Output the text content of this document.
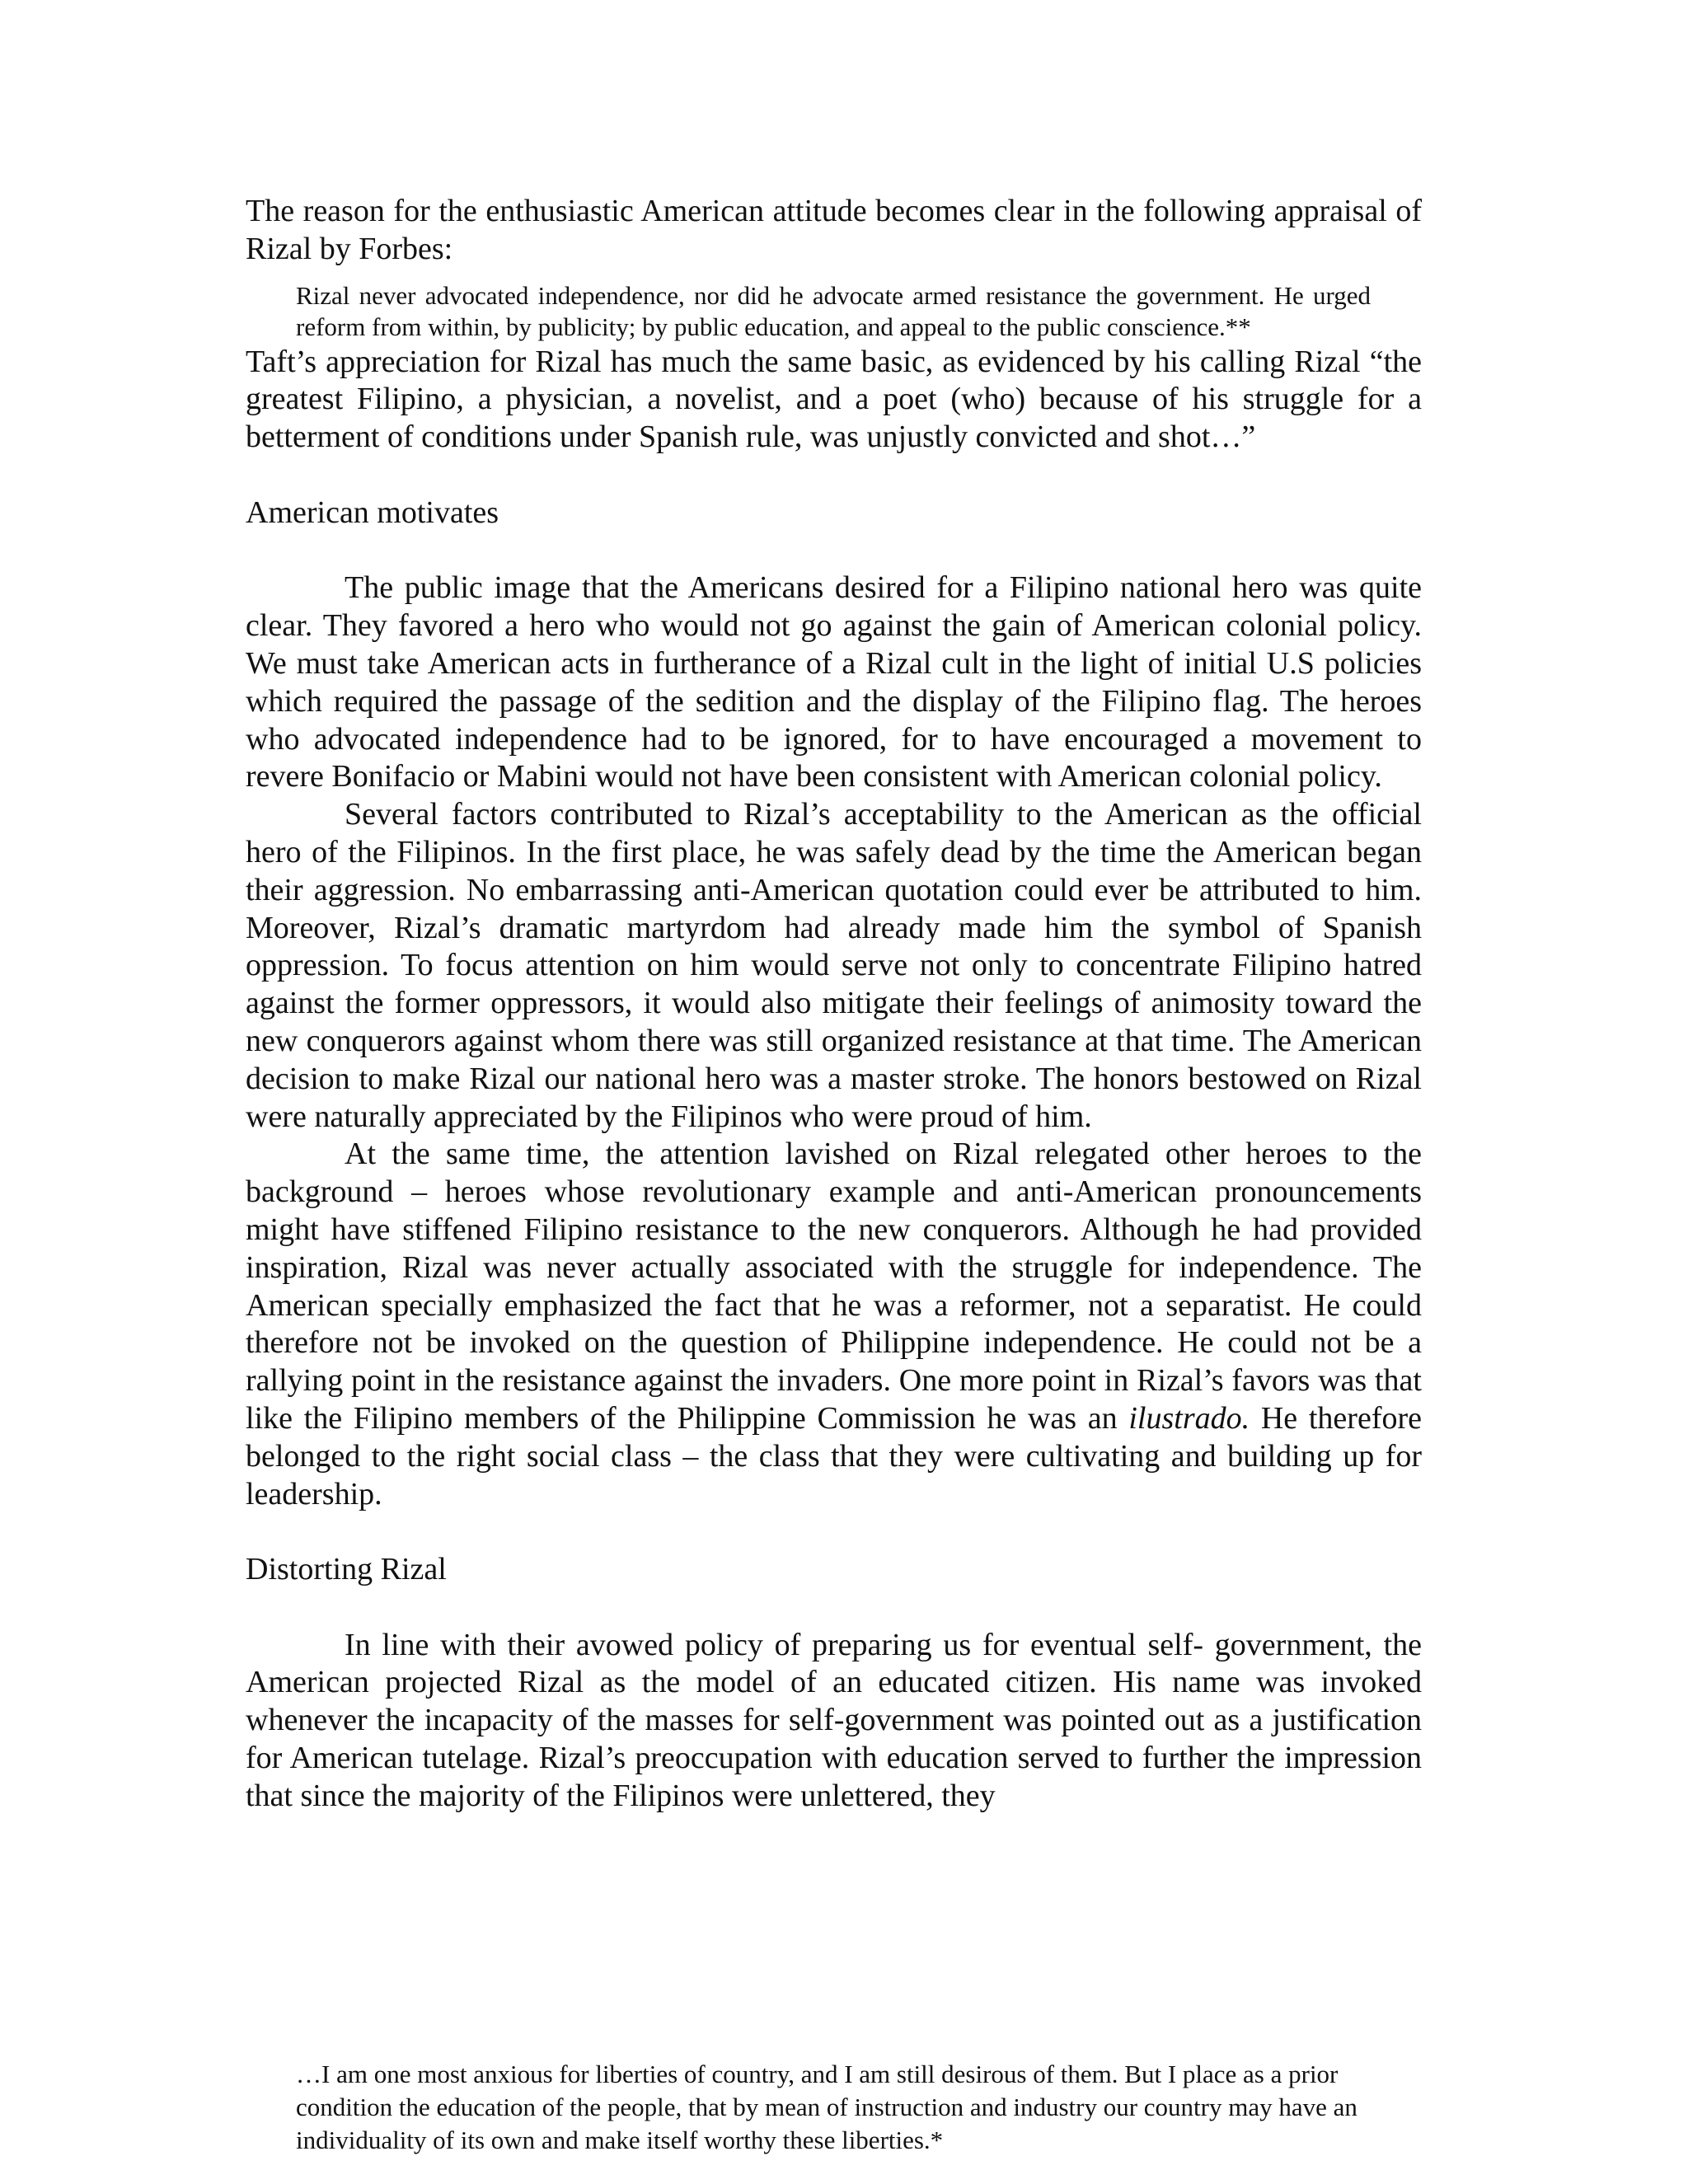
The reason for the enthusiastic American attitude becomes clear in the following appraisal of Rizal by Forbes:

Rizal never advocated independence, nor did he advocate armed resistance the government. He urged reform from within, by publicity; by public education, and appeal to the public conscience.**

Taft’s appreciation for Rizal has much the same basic, as evidenced by his calling Rizal “the greatest Filipino, a physician, a novelist, and a poet (who) because of his struggle for a betterment of conditions under Spanish rule, was unjustly convicted and shot…”

American motivates

The public image that the Americans desired for a Filipino national hero was quite clear. They favored a hero who would not go against the gain of American colonial policy. We must take American acts in furtherance of a Rizal cult in the light of initial U.S policies which required the passage of the sedition and the display of the Filipino flag. The heroes who advocated independence had to be ignored, for to have encouraged a movement to revere Bonifacio or Mabini would not have been consistent with American colonial policy.

Several factors contributed to Rizal’s acceptability to the American as the official hero of the Filipinos. In the first place, he was safely dead by the time the American began their aggression. No embarrassing anti-American quotation could ever be attributed to him. Moreover, Rizal’s dramatic martyrdom had already made him the symbol of Spanish oppression. To focus attention on him would serve not only to concentrate Filipino hatred against the former oppressors, it would also mitigate their feelings of animosity toward the new conquerors against whom there was still organized resistance at that time. The American decision to make Rizal our national hero was a master stroke. The honors bestowed on Rizal were naturally appreciated by the Filipinos who were proud of him.

At the same time, the attention lavished on Rizal relegated other heroes to the background – heroes whose revolutionary example and anti-American pronouncements might have stiffened Filipino resistance to the new conquerors. Although he had provided inspiration, Rizal was never actually associated with the struggle for independence. The American specially emphasized the fact that he was a reformer, not a separatist. He could therefore not be invoked on the question of Philippine independence. He could not be a rallying point in the resistance against the invaders. One more point in Rizal’s favors was that like the Filipino members of the Philippine Commission he was an ilustrado. He therefore belonged to the right social class – the class that they were cultivating and building up for leadership.

Distorting Rizal

In line with their avowed policy of preparing us for eventual self- government, the American projected Rizal as the model of an educated citizen. His name was invoked whenever the incapacity of the masses for self-government was pointed out as a justification for American tutelage. Rizal’s preoccupation with education served to further the impression that since the majority of the Filipinos were unlettered, they

…I am one most anxious for liberties of country, and I am still desirous of them. But I place as a prior condition the education of the people, that by mean of instruction and industry our country may have an individuality of its own and make itself worthy these liberties.*
